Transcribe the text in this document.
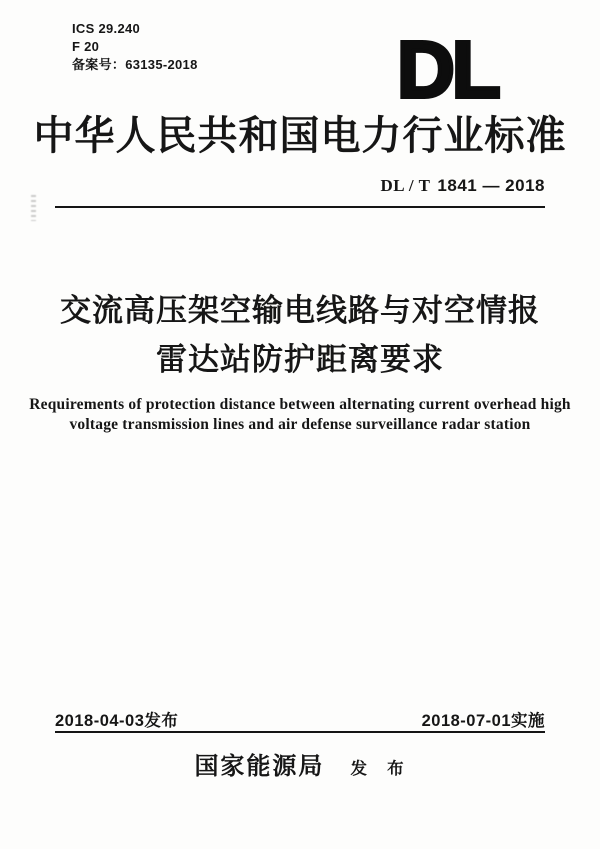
ICS 29.240
F 20
备案号：63135-2018 DL
中华人民共和国电力行业标准
DL / T 1841 — 2018
交流高压架空输电线路与对空情报
雷达站防护距离要求
Requirements of protection distance between alternating current overhead high
voltage transmission lines and air defense surveillance radar station
2018-04-03发布	2018-07-01实施
国家能源局 发 布
